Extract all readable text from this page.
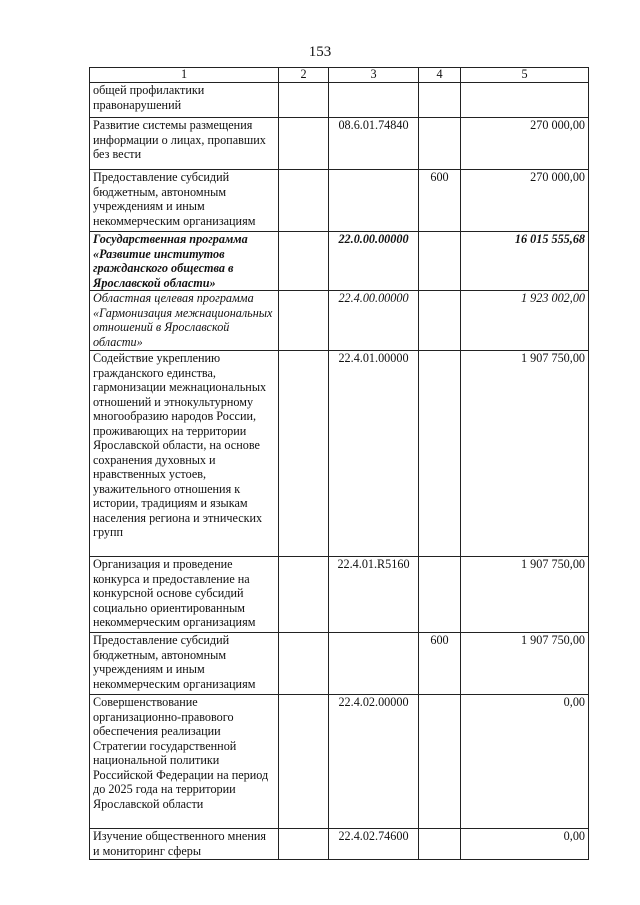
153
1	2	3	4	5
общей профилактики правонарушений				
Развитие системы размещения информации о лицах, пропавших без вести		08.6.01.74840		270 000,00
Предоставление субсидий бюджетным, автономным учреждениям и иным некоммерческим организациям			600	270 000,00
Государственная программа «Развитие институтов гражданского общества в Ярославской области»		22.0.00.00000		16 015 555,68
Областная целевая программа «Гармонизация межнациональных отношений в Ярославской области»		22.4.00.00000		1 923 002,00
Содействие укреплению гражданского единства, гармонизации межнациональных отношений и этнокультурному многообразию народов России, проживающих на территории Ярославской области, на основе сохранения духовных и нравственных устоев, уважительного отношения к истории, традициям и языкам населения региона и этнических групп		22.4.01.00000		1 907 750,00
Организация и проведение конкурса и предоставление на конкурсной основе субсидий социально ориентированным некоммерческим организациям		22.4.01.R5160		1 907 750,00
Предоставление субсидий бюджетным, автономным учреждениям и иным некоммерческим организациям			600	1 907 750,00
Совершенствование организационно-правового обеспечения реализации Стратегии государственной национальной политики Российской Федерации на период до 2025 года на территории Ярославской области		22.4.02.00000		0,00
Изучение общественного мнения и мониторинг сферы		22.4.02.74600		0,00
